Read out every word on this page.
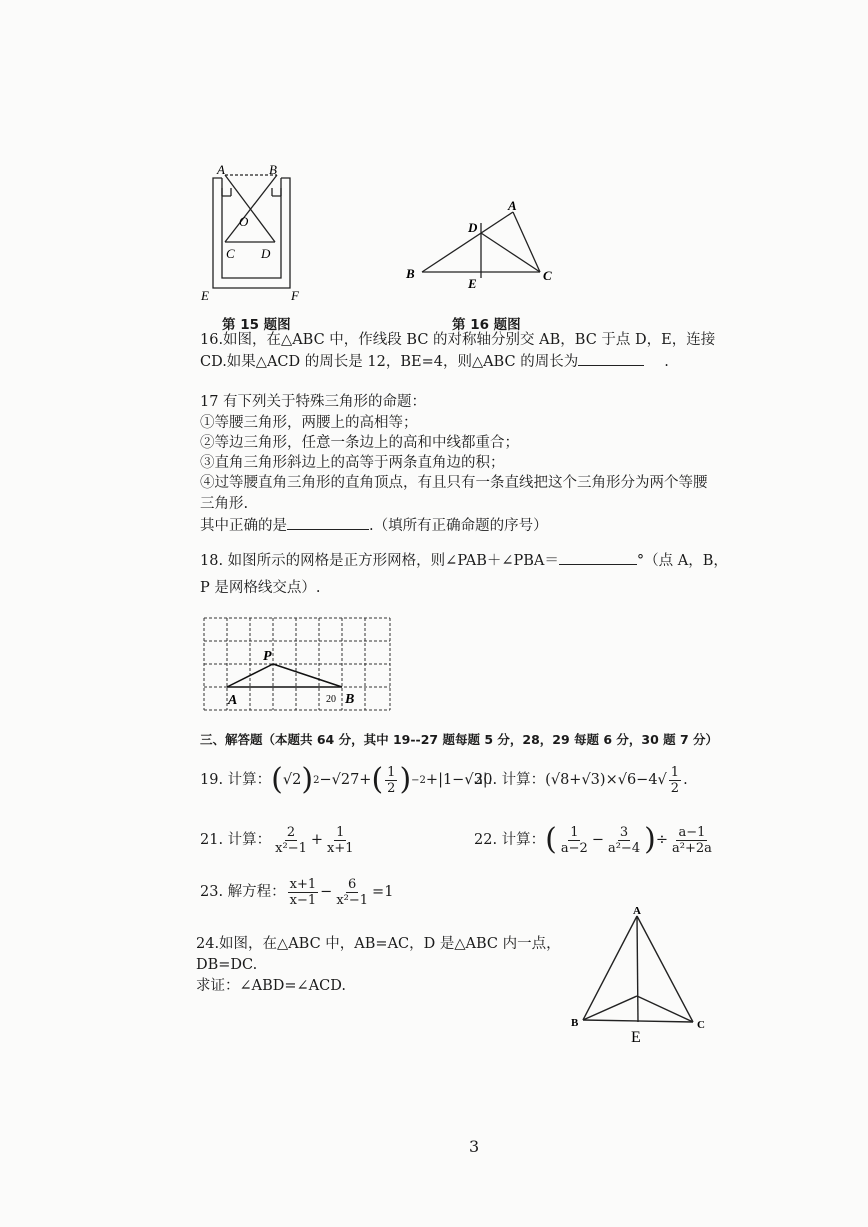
A	B
O
C D
E	F
第 15 题图
A
D
B
E
C
第 16 题图
16.如图，在△ABC 中，作线段 BC 的对称轴分别交 AB，BC 于点 D，E，连接
CD.如果△ACD 的周长是 12，BE=4，则△ABC 的周长为	.
17 有下列关于特殊三角形的命题：
①等腰三角形，两腰上的高相等；
②等边三角形，任意一条边上的高和中线都重合；
③直角三角形斜边上的高等于两条直角边的积；
④过等腰直角三角形的直角顶点，有且只有一条直线把这个三角形分为两个等腰
三角形.
其中正确的是	.（填所有正确命题的序号）
18. 如图所示的网格是正方形网格，则∠PAB＋∠PBA＝	°（点 A，B，
P 是网格线交点）.
P
A	20 B
三、解答题（本题共 64 分，其中 19--27 题每题 5 分，28，29 每题 6 分，30 题 7 分）
19. 计算： ( √2 ) 2 −√27+ ( $\frac{1}{2}$ ) −2 +|1−√3|.
20. 计算： $(√8+√3)\times√6-4√ \frac{1}{2}$ .
21. 计算： $\frac{2}{\text{x²−1}} + \frac{1}{x+1}$	22. 计算： ( $\frac{1}{a-2} - \frac{3}{\text{a²−4}}$ ) ÷ $\frac{a-1}{\text{a²+2a}}$
23. 解方程： $\frac{x+1}{x-1} - \frac{6}{\text{x²−1}} =1$
24.如图，在△ABC 中，AB=AC，D 是△ABC 内一点，
DB=DC.
求证：∠ABD=∠ACD.
A
B	C
E
3
